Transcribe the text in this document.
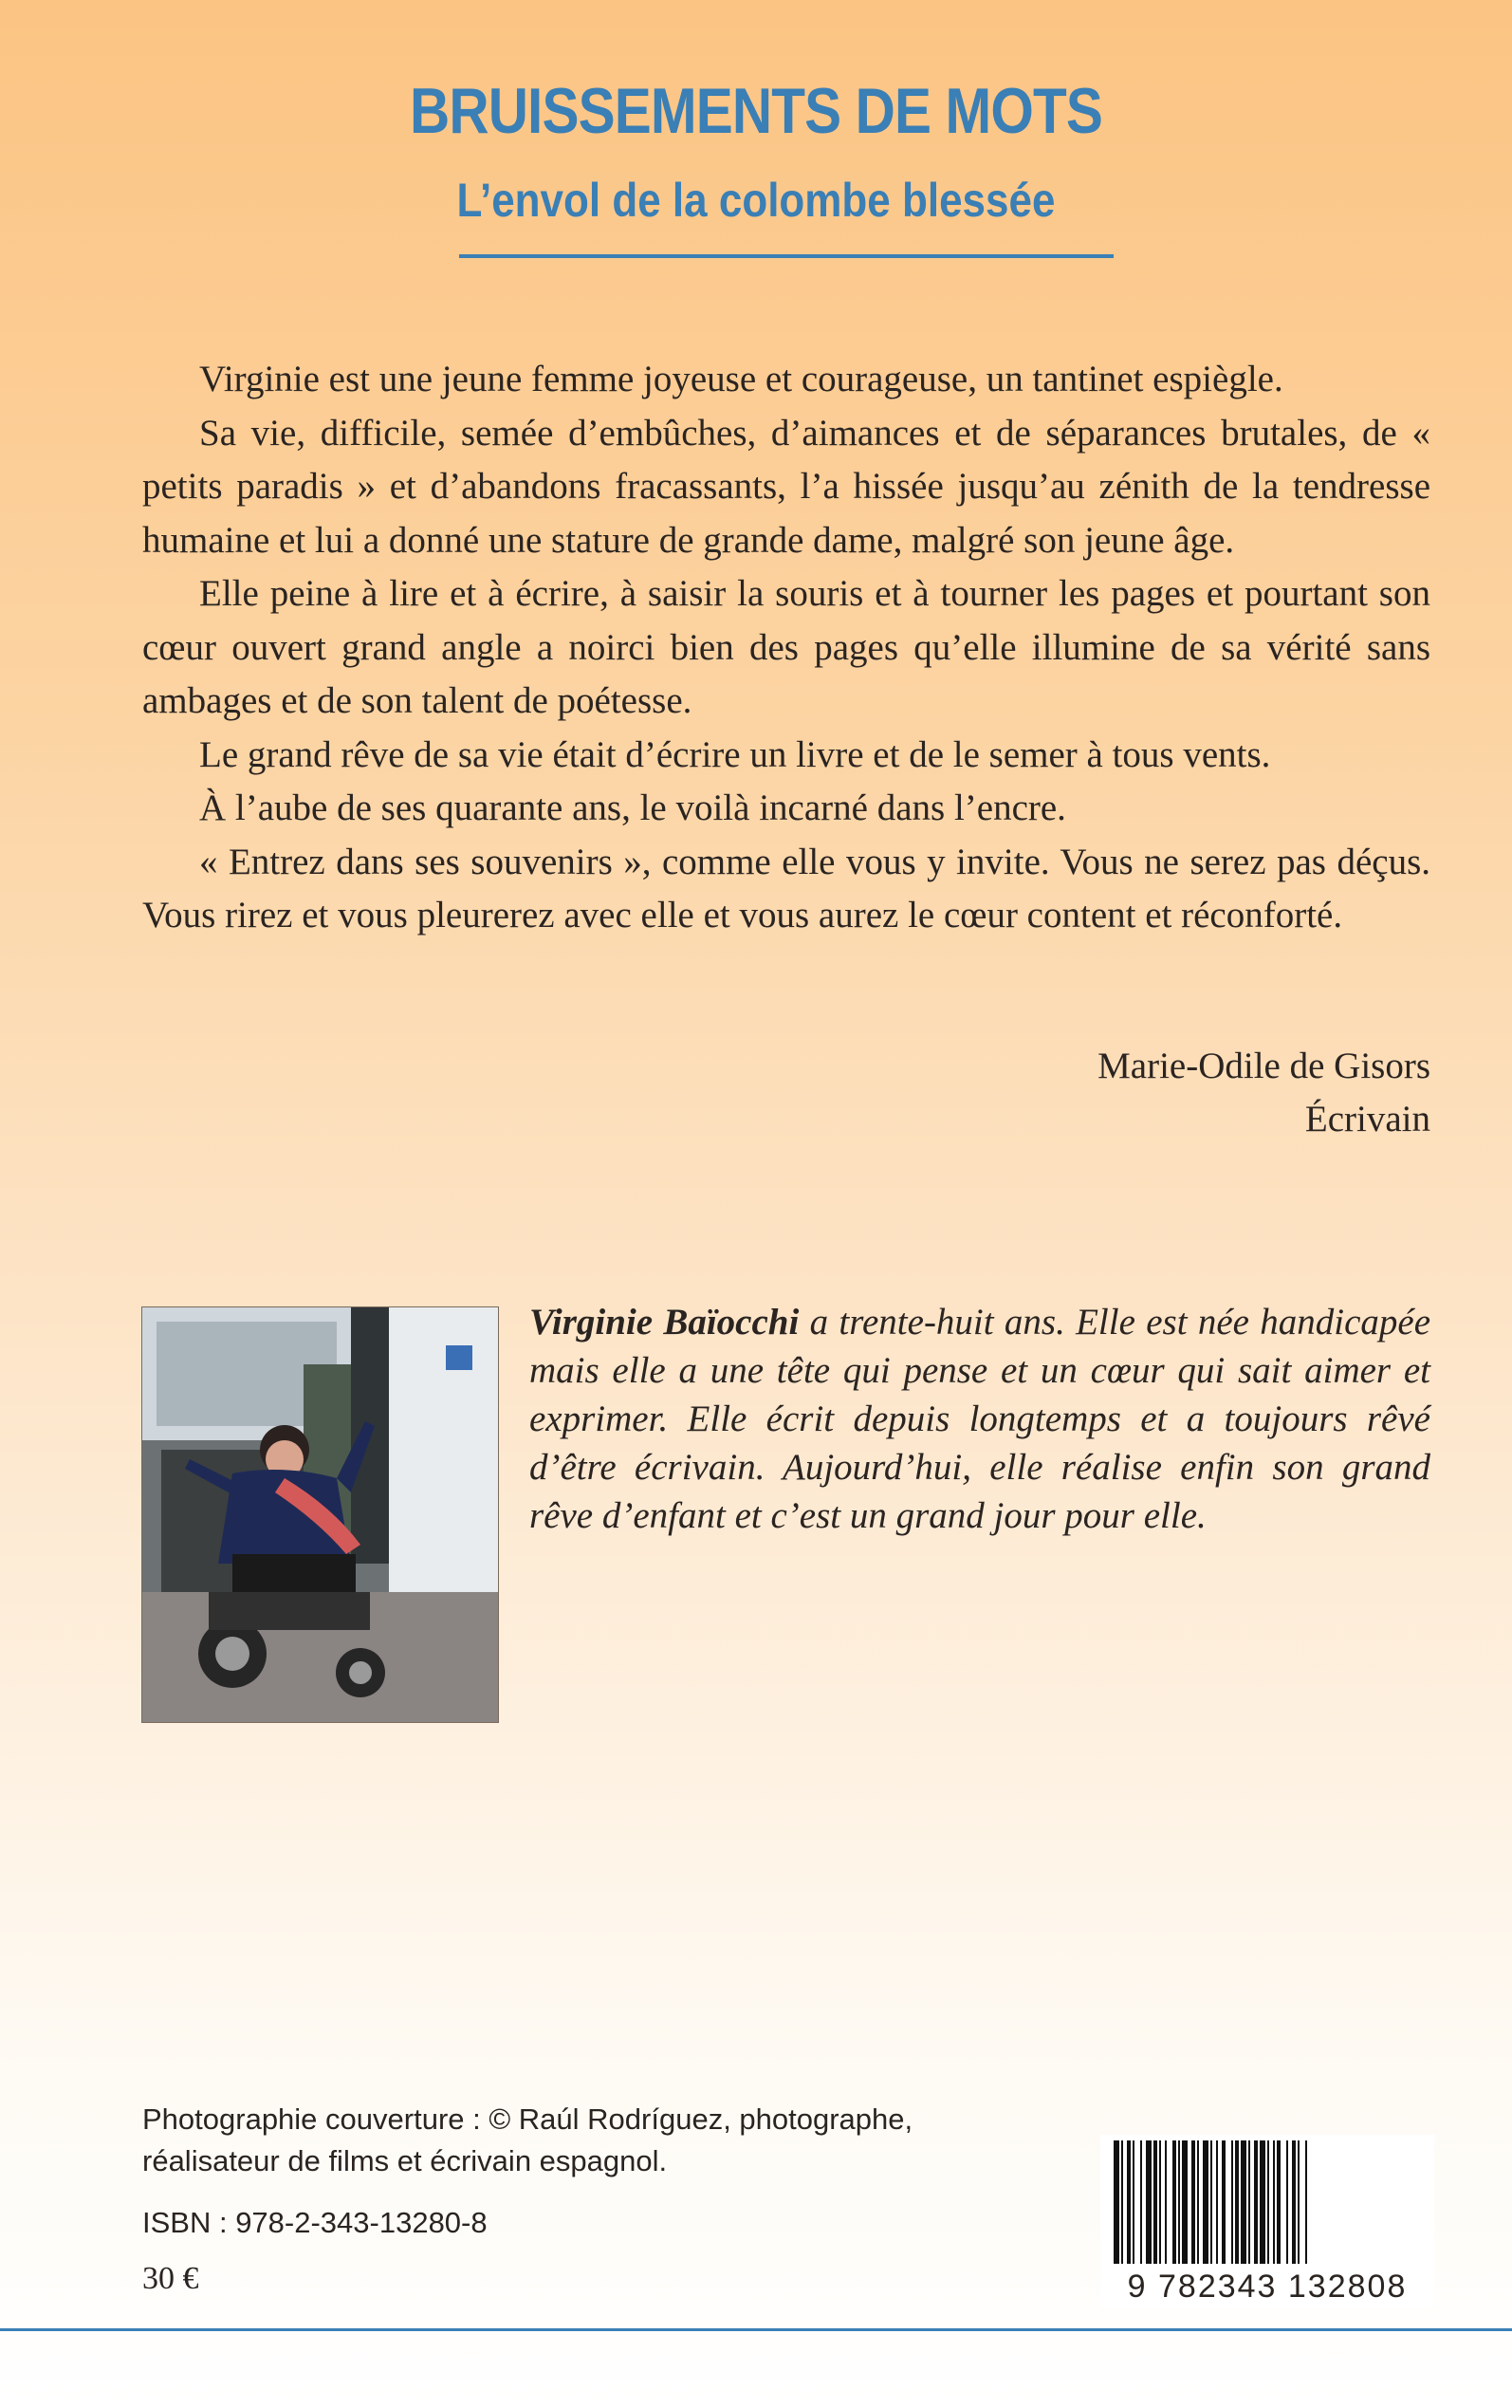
BRUISSEMENTS DE MOTS
L’envol de la colombe blessée

Virginie est une jeune femme joyeuse et courageuse, un tantinet espiègle.

Sa vie, difficile, semée d’embûches, d’aimances et de séparances brutales, de « petits paradis » et d’abandons fracassants, l’a hissée jusqu’au zénith de la tendresse humaine et lui a donné une stature de grande dame, malgré son jeune âge.

Elle peine à lire et à écrire, à saisir la souris et à tourner les pages et pourtant son cœur ouvert grand angle a noirci bien des pages qu’elle illumine de sa vérité sans ambages et de son talent de poétesse.

Le grand rêve de sa vie était d’écrire un livre et de le semer à tous vents.

À l’aube de ses quarante ans, le voilà incarné dans l’encre.

« Entrez dans ses souvenirs », comme elle vous y invite. Vous ne serez pas déçus. Vous rirez et vous pleurerez avec elle et vous aurez le cœur content et réconforté.

Marie-Odile de Gisors
Écrivain
Virginie Baïocchi a trente-huit ans. Elle est née handicapée mais elle a une tête qui pense et un cœur qui sait aimer et exprimer. Elle écrit depuis longtemps et a toujours rêvé d’être écrivain. Aujourd’hui, elle réalise enfin son grand rêve d’enfant et c’est un grand jour pour elle.
Photographie couverture : © Raúl Rodríguez, photographe,
réalisateur de films et écrivain espagnol.
ISBN : 978-2-343-13280-8
30 €	9 782343 132808
